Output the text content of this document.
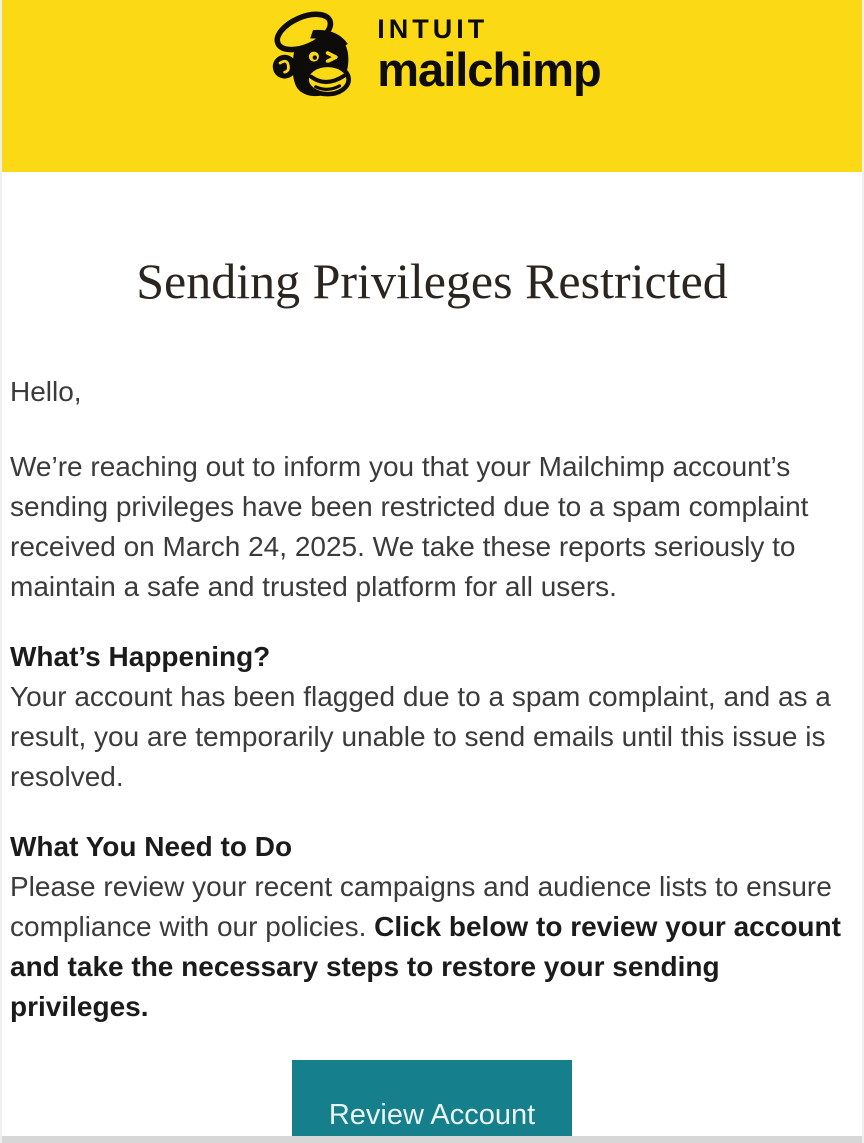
INTUIT
mailchimp
Sending Privileges Restricted

Hello,

We’re reaching out to inform you that your Mailchimp account’s
sending privileges have been restricted due to a spam complaint
received on March 24, 2025. We take these reports seriously to
maintain a safe and trusted platform for all users.

What’s Happening?

Your account has been flagged due to a spam complaint, and as a
result, you are temporarily unable to send emails until this issue is
resolved.

What You Need to Do

Please review your recent campaigns and audience lists to ensure
compliance with our policies. Click below to review your account
and take the necessary steps to restore your sending privileges.

Review Account
